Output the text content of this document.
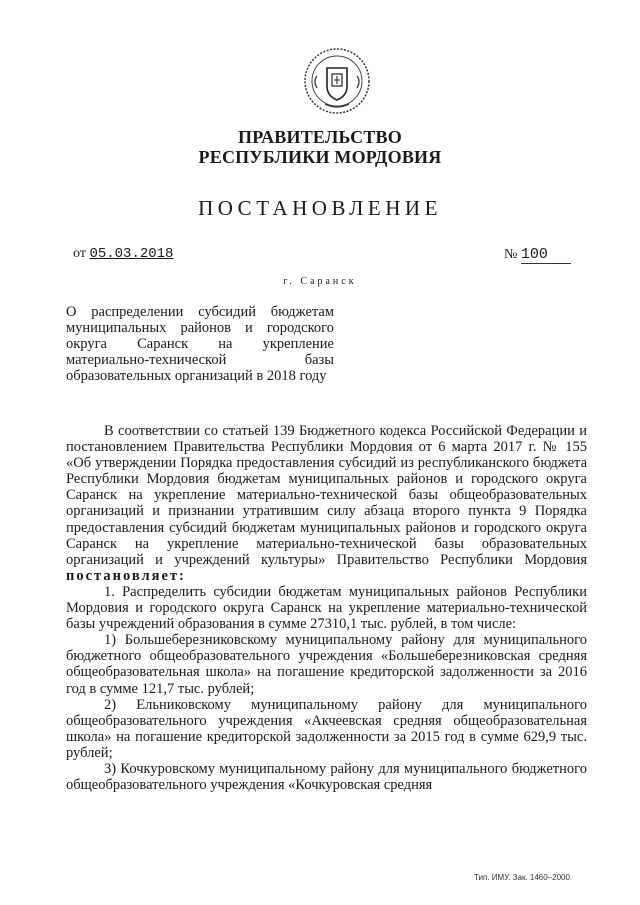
ПРАВИТЕЛЬСТВО
РЕСПУБЛИКИ МОРДОВИЯ
ПОСТАНОВЛЕНИЕ
от 05.03.2018	№ 100
г. Саранск
О распределении субсидий бюджетам муниципальных районов и городского округа Саранск на укрепление материально-технической базы образовательных организаций в 2018 году

В соответствии со статьей 139 Бюджетного кодекса Российской Федерации и постановлением Правительства Республики Мордовия от 6 марта 2017 г. № 155 «Об утверждении Порядка предоставления субсидий из республиканского бюджета Республики Мордовия бюджетам муниципальных районов и городского округа Саранск на укрепление материально-технической базы общеобразовательных организаций и признании утратившим силу абзаца второго пункта 9 Порядка предоставления субсидий бюджетам муниципальных районов и городского округа Саранск на укрепление материально-технической базы образовательных организаций и учреждений культуры» Правительство Республики Мордовия постановляет:

1. Распределить субсидии бюджетам муниципальных районов Республики Мордовия и городского округа Саранск на укрепление материально-технической базы учреждений образования в сумме 27310,1 тыс. рублей, в том числе:

1) Большеберезниковскому муниципальному району для муниципального бюджетного общеобразовательного учреждения «Большеберезниковская средняя общеобразовательная школа» на погашение кредиторской задолженности за 2016 год в сумме 121,7 тыс. рублей;

2) Ельниковскому муниципальному району для муниципального общеобразовательного учреждения «Акчеевская средняя общеобразовательная школа» на погашение кредиторской задолженности за 2015 год в сумме 629,9 тыс. рублей;

3) Кочкуровскому муниципальному району для муниципального бюджетного общеобразовательного учреждения «Кочкуровская средняя

Тип. ИМУ. Зак. 1460–2000.
